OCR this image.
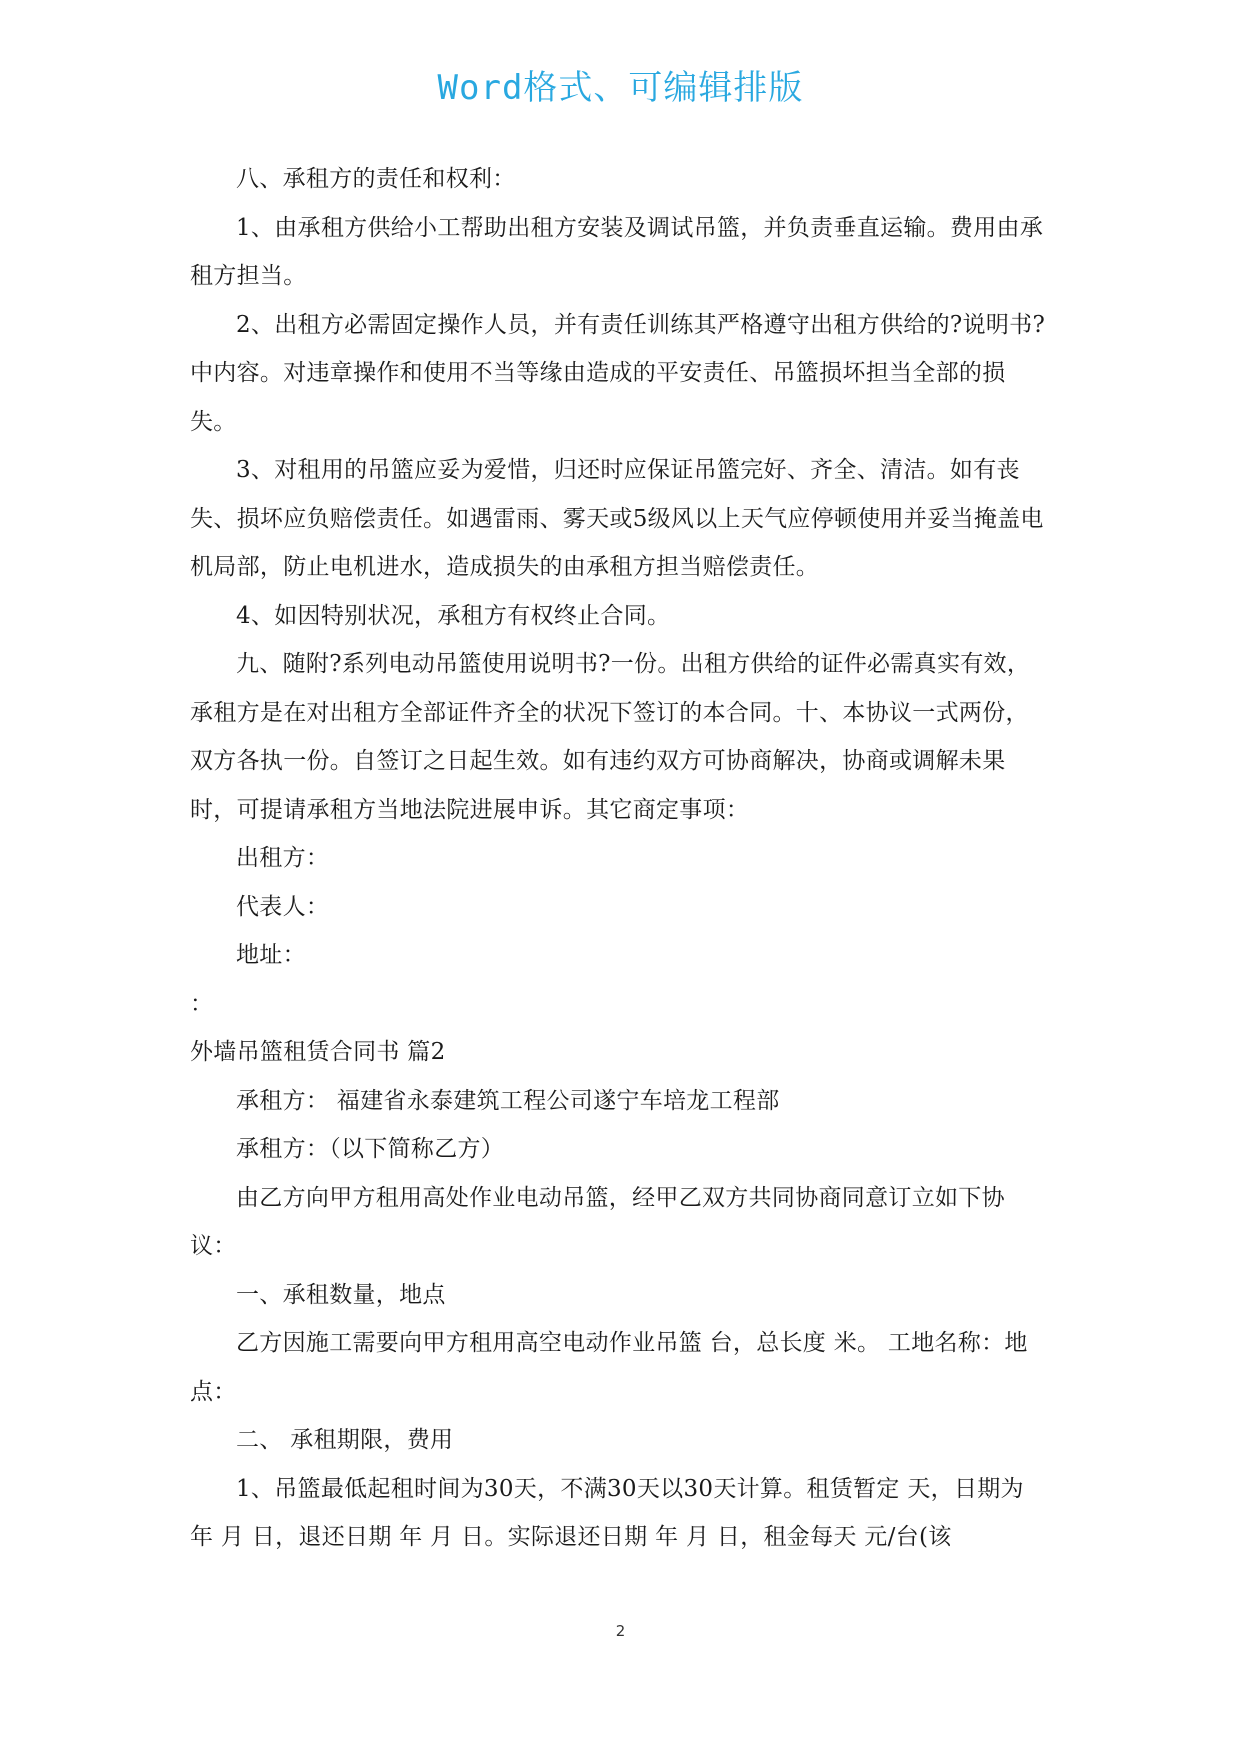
Word格式、可编辑排版

八、承租方的责任和权利：

1、由承租方供给小工帮助出租方安装及调试吊篮，并负责垂直运输。费用由承租方担当。

2、出租方必需固定操作人员，并有责任训练其严格遵守出租方供给的?说明书?中内容。对违章操作和使用不当等缘由造成的平安责任、吊篮损坏担当全部的损失。

3、对租用的吊篮应妥为爱惜，归还时应保证吊篮完好、齐全、清洁。如有丧失、损坏应负赔偿责任。如遇雷雨、雾天或5级风以上天气应停顿使用并妥当掩盖电机局部，防止电机进水，造成损失的由承租方担当赔偿责任。

4、如因特别状况，承租方有权终止合同。

九、随附?系列电动吊篮使用说明书?一份。出租方供给的证件必需真实有效，承租方是在对出租方全部证件齐全的状况下签订的本合同。十、本协议一式两份，双方各执一份。自签订之日起生效。如有违约双方可协商解决，协商或调解未果时，可提请承租方当地法院进展申诉。其它商定事项：

出租方：

代表人：

地址：

：

外墙吊篮租赁合同书 篇2

承租方： 福建省永泰建筑工程公司遂宁车培龙工程部

承租方：（以下简称乙方）

由乙方向甲方租用高处作业电动吊篮，经甲乙双方共同协商同意订立如下协议：

一、承租数量，地点

乙方因施工需要向甲方租用高空电动作业吊篮 台，总长度 米。 工地名称：地 点：

二、 承租期限，费用

1、吊篮最低起租时间为30天，不满30天以30天计算。租赁暂定 天，日期为 年 月 日，退还日期 年 月 日。实际退还日期 年 月 日，租金每天 元/台(该

2
